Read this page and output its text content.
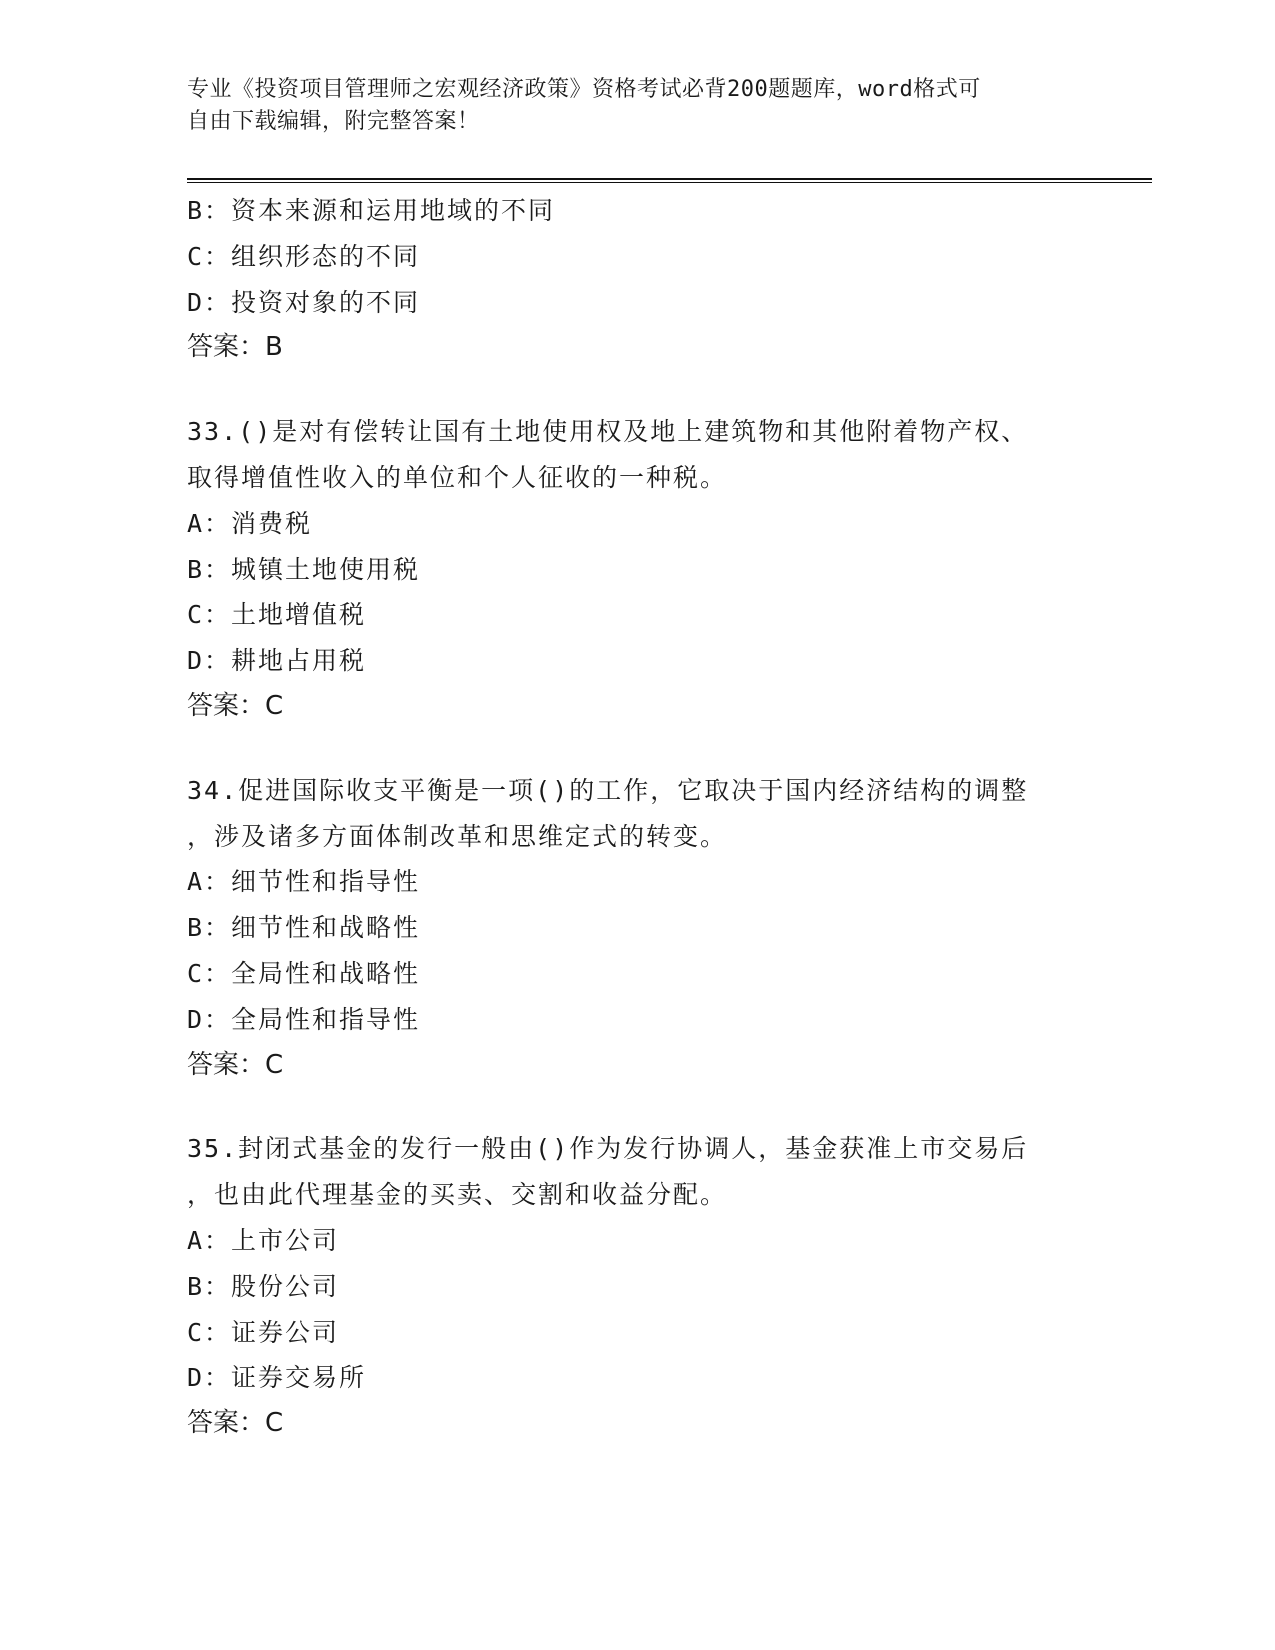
专业《投资项目管理师之宏观经济政策》资格考试必背200题题库，word格式可
自由下载编辑，附完整答案！
B：资本来源和运用地域的不同
C：组织形态的不同
D：投资对象的不同
答案：B
33.()是对有偿转让国有土地使用权及地上建筑物和其他附着物产权、
取得增值性收入的单位和个人征收的一种税。
A：消费税
B：城镇土地使用税
C：土地增值税
D：耕地占用税
答案：C
34.促进国际收支平衡是一项()的工作，它取决于国内经济结构的调整
，涉及诸多方面体制改革和思维定式的转变。
A：细节性和指导性
B：细节性和战略性
C：全局性和战略性
D：全局性和指导性
答案：C
35.封闭式基金的发行一般由()作为发行协调人，基金获准上市交易后
，也由此代理基金的买卖、交割和收益分配。
A：上市公司
B：股份公司
C：证券公司
D：证券交易所
答案：C
